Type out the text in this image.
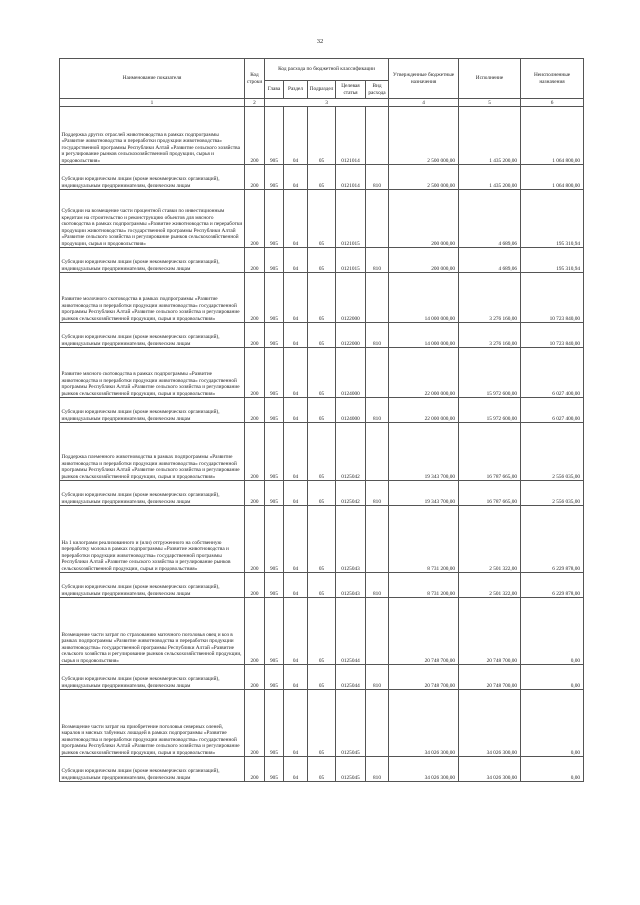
32
Наименование показателя	Код строки	Код расхода по бюджетной классификации					Утвержденные бюджетные назначения	Исполнение	Неисполненные назначения
		Главa	Раздел	Подраздел	Целевая статья	Вид расхода			
1	2	3					4	5	6
Поддержка других отраслей животноводства в рамках подпрограммы «Развитие животноводства и переработки продукции животноводства» государственной программы Республики Алтай «Развитие сельского хозяйства и регулирование рынков сельскохозяйственной продукции, сырья и продовольствия»	200	905	04	05	0121014		2 500 000,00	1 435 200,00	1 064 800,00
Субсидии юридическим лицам (кроме некоммерческих организаций), индивидуальным предпринимателям, физическим лицам	200	905	04	05	0121014	810	2 500 000,00	1 435 200,00	1 064 800,00
Субсидии на возмещение части процентной ставки по инвестиционным кредитам на строительство и реконструкцию объектов для мясного скотоводства в рамках подпрограммы «Развитие животноводства и переработки продукции животноводства» государственной программы Республики Алтай «Развитие сельского хозяйства и регулирование рынков сельскохозяйственной продукции, сырья и продовольствия»	200	905	04	05	0121015		200 000,00	4 689,06	195 310,94
Субсидии юридическим лицам (кроме некоммерческих организаций), индивидуальным предпринимателям, физическим лицам	200	905	04	05	0121015	810	200 000,00	4 689,06	195 310,94
Развитие молочного скотоводства в рамках подпрограммы «Развитие животноводства и переработки продукции животноводства» государственной программы Республики Алтай «Развитие сельского хозяйства и регулирование рынков сельскохозяйственной продукции, сырья и продовольствия»	200	905	04	05	0122000		14 000 000,00	3 276 160,00	10 723 840,00
Субсидии юридическим лицам (кроме некоммерческих организаций), индивидуальным предпринимателям, физическим лицам	200	905	04	05	0122000	810	14 000 000,00	3 276 160,00	10 723 840,00
Развитие мясного скотоводства в рамках подпрограммы «Развитие животноводства и переработки продукции животноводства» государственной программы Республики Алтай «Развитие сельского хозяйства и регулирование рынков сельскохозяйственной продукции, сырья и продовольствия»	200	905	04	05	0124000		22 000 000,00	15 972 600,00	6 027 400,00
Субсидии юридическим лицам (кроме некоммерческих организаций), индивидуальным предпринимателям, физическим лицам	200	905	04	05	0124000	810	22 000 000,00	15 972 600,00	6 027 400,00
Поддержка племенного животноводства в рамках подпрограммы «Развитие животноводства и переработки продукции животноводства» государственной программы Республики Алтай «Развитие сельского хозяйства и регулирование рынков сельскохозяйственной продукции, сырья и продовольствия»	200	905	04	05	0125042		19 343 700,00	16 787 665,00	2 556 035,00
Субсидии юридическим лицам (кроме некоммерческих организаций), индивидуальным предпринимателям, физическим лицам	200	905	04	05	0125042	810	19 343 700,00	16 787 665,00	2 556 035,00
На 1 килограмм реализованного и (или) отгруженного на собственную переработку молока в рамках подпрограммы «Развитие животноводства и переработки продукции животноводства» государственной программы Республики Алтай «Развитие сельского хозяйства и регулирование рынков сельскохозяйственной продукции, сырья и продовольствия»	200	905	04	05	0125043		8 731 200,00	2 501 322,00	6 229 878,00
Субсидии юридическим лицам (кроме некоммерческих организаций), индивидуальным предпринимателям, физическим лицам	200	905	04	05	0125043	810	8 731 200,00	2 501 322,00	6 229 878,00
Возмещение части затрат по страхованию маточного поголовья овец и коз в рамках подпрограммы «Развитие животноводства и переработки продукции животноводства» государственной программы Республики Алтай «Развитие сельского хозяйства и регулирование рынков сельскохозяйственной продукции, сырья и продовольствия»	200	905	04	05	0125044		20 748 700,00	20 748 700,00	0,00
Субсидии юридическим лицам (кроме некоммерческих организаций), индивидуальным предпринимателям, физическим лицам	200	905	04	05	0125044	810	20 748 700,00	20 748 700,00	0,00
Возмещение части затрат на приобретение поголовья северных оленей, маралов и мясных табунных лошадей в рамках подпрограммы «Развитие животноводства и переработки продукции животноводства» государственной программы Республики Алтай «Развитие сельского хозяйства и регулирование рынков сельскохозяйственной продукции, сырья и продовольствия»	200	905	04	05	0125045		34 026 300,00	34 026 300,00	0,00
Субсидии юридическим лицам (кроме некоммерческих организаций), индивидуальным предпринимателям, физическим лицам	200	905	04	05	0125045	810	34 026 300,00	34 026 300,00	0,00
